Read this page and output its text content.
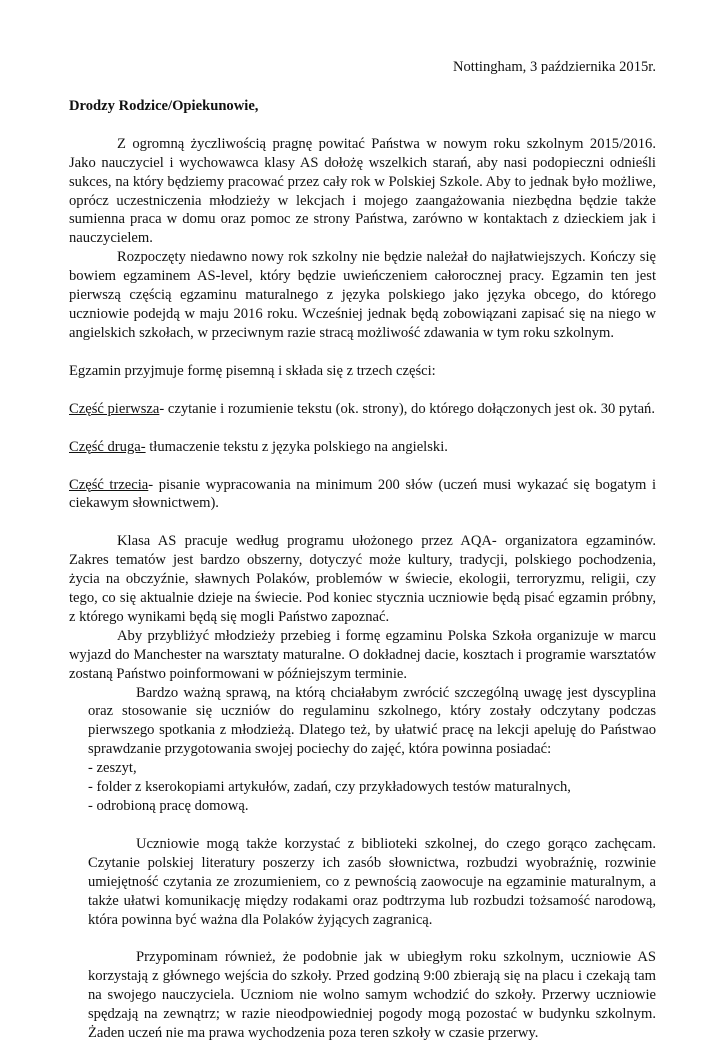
Nottingham, 3 października 2015r.

Drodzy Rodzice/Opiekunowie,

Z ogromną życzliwością pragnę powitać Państwa w nowym roku szkolnym 2015/2016. Jako nauczyciel i wychowawca klasy AS dołożę wszelkich starań, aby nasi podopieczni odnieśli sukces, na który będziemy pracować przez cały rok w Polskiej Szkole. Aby to jednak było możliwe, oprócz uczestniczenia młodzieży w lekcjach i mojego zaangażowania niezbędna będzie także sumienna praca w domu oraz pomoc ze strony Państwa, zarówno w kontaktach z dzieckiem jak i nauczycielem.

Rozpoczęty niedawno nowy rok szkolny nie będzie należał do najłatwiejszych. Kończy się bowiem egzaminem AS-level, który będzie uwieńczeniem całorocznej pracy. Egzamin ten jest pierwszą częścią egzaminu maturalnego z języka polskiego jako języka obcego, do którego uczniowie podejdą w maju 2016 roku. Wcześniej jednak będą zobowiązani zapisać się na niego w angielskich szkołach, w przeciwnym razie stracą możliwość zdawania w tym roku szkolnym.

Egzamin przyjmuje formę pisemną i składa się z trzech części:

Część pierwsza- czytanie i rozumienie tekstu (ok. strony), do którego dołączonych jest ok. 30 pytań.

Część druga- tłumaczenie tekstu z języka polskiego na angielski.

Część trzecia- pisanie wypracowania na minimum 200 słów (uczeń musi wykazać się bogatym i ciekawym słownictwem).

Klasa AS pracuje według programu ułożonego przez AQA- organizatora egzaminów. Zakres tematów jest bardzo obszerny, dotyczyć może kultury, tradycji, polskiego pochodzenia, życia na obczyźnie, sławnych Polaków, problemów w świecie, ekologii, terroryzmu, religii, czy tego, co się aktualnie dzieje na świecie. Pod koniec stycznia uczniowie będą pisać egzamin próbny, z którego wynikami będą się mogli Państwo zapoznać.

Aby przybliżyć młodzieży przebieg i formę egzaminu Polska Szkoła organizuje w marcu wyjazd do Manchester na warsztaty maturalne. O dokładnej dacie, kosztach i programie warsztatów zostaną Państwo poinformowani w późniejszym terminie.

Bardzo ważną sprawą, na którą chciałabym zwrócić szczególną uwagę jest dyscyplina oraz stosowanie się uczniów do regulaminu szkolnego, który zostały odczytany podczas pierwszego spotkania z młodzieżą. Dlatego też, by ułatwić pracę na lekcji apeluję do Państwao sprawdzanie przygotowania swojej pociechy do zajęć, która powinna posiadać:

- zeszyt,
- folder z kserokopiami artykułów, zadań, czy przykładowych testów maturalnych,
- odrobioną pracę domową.

Uczniowie mogą także korzystać z biblioteki szkolnej, do czego gorąco zachęcam. Czytanie polskiej literatury poszerzy ich zasób słownictwa, rozbudzi wyobraźnię, rozwinie umiejętność czytania ze zrozumieniem, co z pewnością zaowocuje na egzaminie maturalnym, a także ułatwi komunikację między rodakami oraz podtrzyma lub rozbudzi tożsamość narodową, która powinna być ważna dla Polaków żyjących zagranicą.

Przypominam również, że podobnie jak w ubiegłym roku szkolnym, uczniowie AS korzystają z głównego wejścia do szkoły. Przed godziną 9:00 zbierają się na placu i czekają tam na swojego nauczyciela. Uczniom nie wolno samym wchodzić do szkoły. Przerwy uczniowie spędzają na zewnątrz; w razie nieodpowiedniej pogody mogą pozostać w budynku szkolnym. Żaden uczeń nie ma prawa wychodzenia poza teren szkoły w czasie przerwy.
